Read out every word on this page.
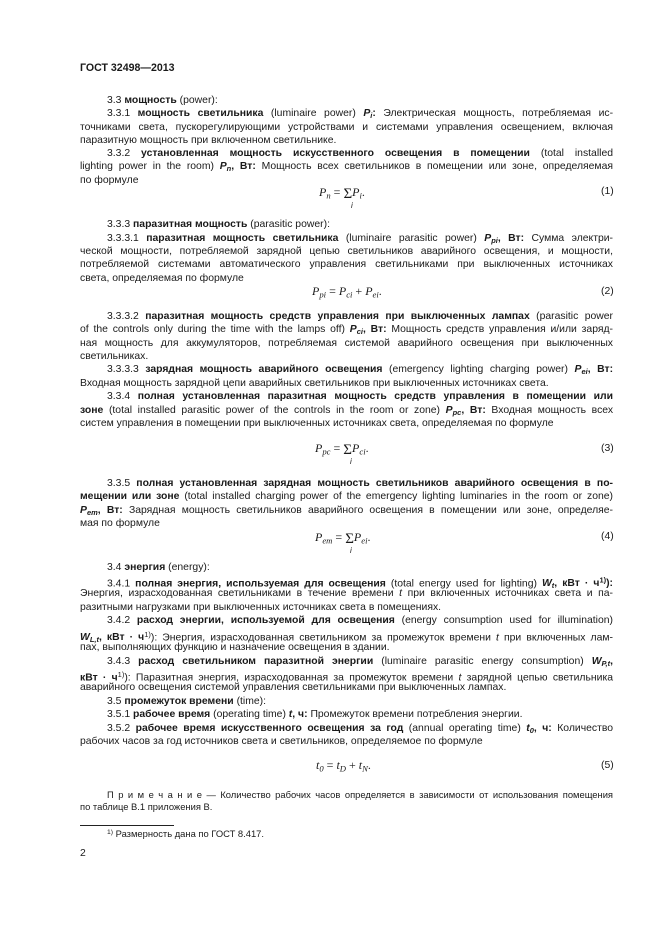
ГОСТ 32498—2013
3.3 мощность (power):
3.3.1 мощность светильника (luminaire power) $P_i$: Электрическая мощность, потребляемая ис-
точниками света, пускорегулирующими устройствами и системами управления освещением, включая
паразитную мощность при включенном светильнике.
3.3.2 установленная мощность искусственного освещения в помещении (total installed
lighting power in the room) $P_n$, Вт: Мощность всех светильников в помещении или зоне, определяемая
по формуле
$P_n = \Sigma P_i$.
i
(1)
3.3.3 паразитная мощность (parasitic power):
3.3.3.1 паразитная мощность светильника (luminaire parasitic power) $P_{pi}$, Вт: Сумма электри-
ческой мощности, потребляемой зарядной цепью светильников аварийного освещения, и мощности,
потребляемой системами автоматического управления светильниками при выключенных источниках
света, определяемая по формуле
$P_{pi} = P_{ci} + P_{ei}$.	(2)
3.3.3.2 паразитная мощность средств управления при выключенных лампах (parasitic power
of the controls only during the time with the lamps off) $P_{ci}$, Вт: Мощность средств управления и/или заряд-
ная мощность для аккумуляторов, потребляемая системой аварийного освещения при выключенных
светильниках.
3.3.3.3 зарядная мощность аварийного освещения (emergency lighting charging power) $P_{ei}$, Вт:
Входная мощность зарядной цепи аварийных светильников при выключенных источниках света.
3.3.4 полная установленная паразитная мощность средств управления в помещении или
зоне (total installed parasitic power of the controls in the room or zone) $P_{pc}$, Вт: Входная мощность всех
систем управления в помещении при выключенных источниках света, определяемая по формуле
$P_{pc} = \Sigma P_{ci}$.
i
(3)
3.3.5 полная установленная зарядная мощность светильников аварийного освещения в по-
мещении или зоне (total installed charging power of the emergency lighting luminaries in the room or zone)
$P_{em}$, Вт: Зарядная мощность светильников аварийного освещения в помещении или зоне, определяе-
мая по формуле
$P_{em} = \Sigma P_{ei}$.
i
(4)
3.4 энергия (energy):
3.4.1 полная энергия, используемая для освещения (total energy used for lighting) $W_t$, кВт · $ч^{1)}$):
Энергия, израсходованная светильниками в течение времени t при включенных источниках света и па-
разитными нагрузками при выключенных источниках света в помещениях.
3.4.2 расход энергии, используемой для освещения (energy consumption used for illumination)
$W_{L,t}$, кВт · $ч^{1)}$): Энергия, израсходованная светильником за промежуток времени t при включенных лам-
пах, выполняющих функцию и назначение освещения в здании.
3.4.3 расход светильником паразитной энергии (luminaire parasitic energy consumption) $W_{P,t}$,
кВт · $ч^{1)}$): Паразитная энергия, израсходованная за промежуток времени t зарядной цепью светильника
аварийного освещения системой управления светильниками при выключенных лампах.
3.5 промежуток времени (time):
3.5.1 рабочее время (operating time) t, ч: Промежуток времени потребления энергии.
3.5.2 рабочее время искусственного освещения за год (annual operating time) $t_0$, ч: Количество
рабочих часов за год источников света и светильников, определяемое по формуле
$t_0 = t_D + t_N$.	(5)
П р и м е ч а н и е — Количество рабочих часов определяется в зависимости от использования помещения
по таблице В.1 приложения В.
$^{1)}$ Размерность дана по ГОСТ 8.417.
2
